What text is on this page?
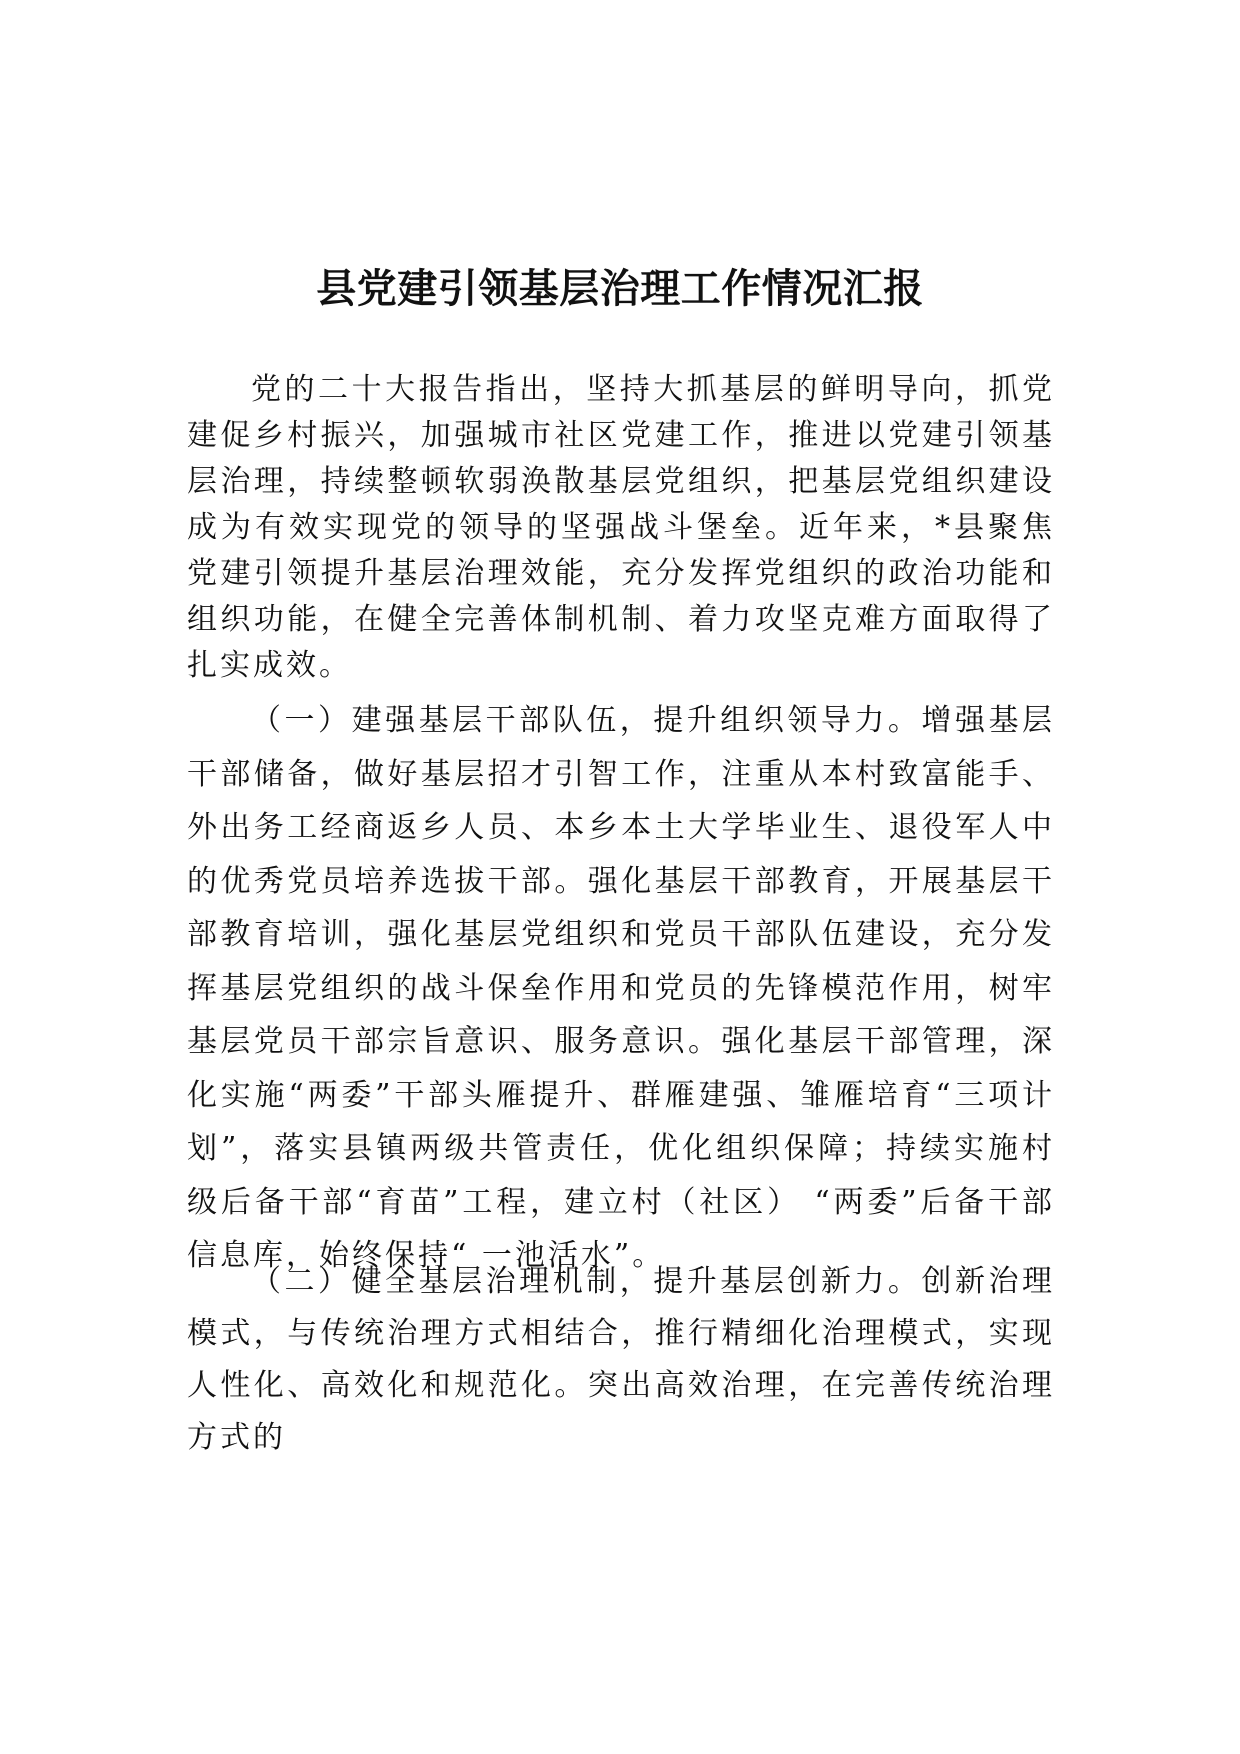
县党建引领基层治理工作情况汇报

党的二十大报告指出，坚持大抓基层的鲜明导向，抓党建促乡村振兴，加强城市社区党建工作，推进以党建引领基层治理，持续整顿软弱涣散基层党组织，把基层党组织建设成为有效实现党的领导的坚强战斗堡垒。近年来，*县聚焦党建引领提升基层治理效能，充分发挥党组织的政治功能和组织功能，在健全完善体制机制、着力攻坚克难方面取得了扎实成效。

（一）建强基层干部队伍，提升组织领导力。增强基层干部储备，做好基层招才引智工作，注重从本村致富能手、外出务工经商返乡人员、本乡本土大学毕业生、退役军人中的优秀党员培养选拔干部。强化基层干部教育，开展基层干部教育培训，强化基层党组织和党员干部队伍建设，充分发挥基层党组织的战斗保垒作用和党员的先锋模范作用，树牢基层党员干部宗旨意识、服务意识。强化基层干部管理，深化实施“两委”干部头雁提升、群雁建强、雏雁培育“三项计划”，落实县镇两级共管责任，优化组织保障；持续实施村级后备干部“育苗”工程，建立村（社区） “两委”后备干部信息库，始终保持“ 一池活水”。

（二）健全基层治理机制，提升基层创新力。创新治理模式，与传统治理方式相结合，推行精细化治理模式，实现人性化、高效化和规范化。突出高效治理，在完善传统治理方式的
